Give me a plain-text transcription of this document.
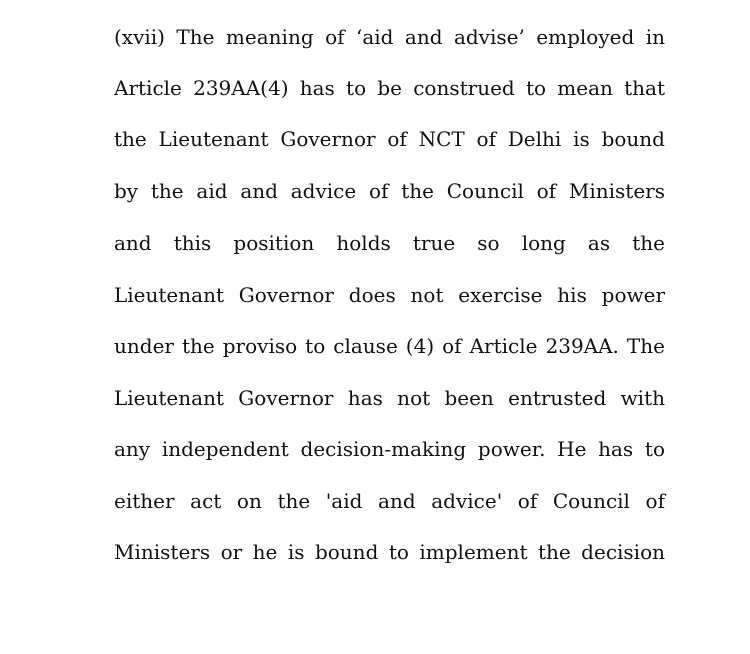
(xvii) The meaning of ‘aid and advise’ employed in
Article 239AA(4) has to be construed to mean that
the Lieutenant Governor of NCT of Delhi is bound
by the aid and advice of the Council of Ministers
and this position holds true so long as the
Lieutenant Governor does not exercise his power
under the proviso to clause (4) of Article 239AA. The
Lieutenant Governor has not been entrusted with
any independent decision-making power. He has to
either act on the 'aid and advice' of Council of
Ministers or he is bound to implement the decision
